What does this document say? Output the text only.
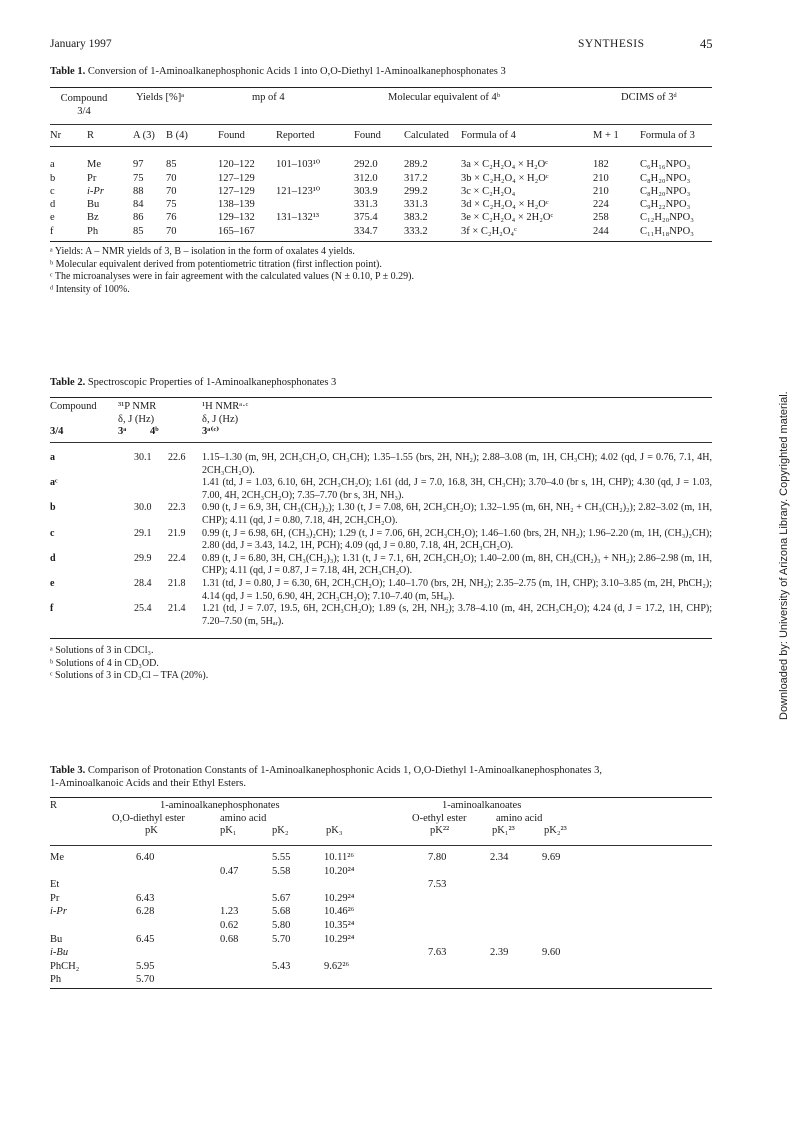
January 1997	SYNTHESIS	45
Table 1. Conversion of 1-Aminoalkanephosphonic Acids 1 into O,O-Diethyl 1-Aminoalkanephosphonates 3
Compound 3/4
Yields [%]ᵃ	mp of 4	Molecular equivalent of 4ᵇ	DCIMS of 3ᵈ
Nr	R	A (3)	B (4)	Found	Reported	Found	Calculated	Formula of 4	M + 1	Formula of 3

a	Me	97	85	120–122	101–103¹⁰	292.0	289.2	3a × C₂H₂O₄ × H₂Oᶜ	182	C₆H₁₆NPO₃
b	Pr	75	70	127–129		312.0	317.2	3b × C₂H₂O₄ × H₂Oᶜ	210	C₈H₂₀NPO₃
c	i-Pr	88	70	127–129	121–123¹⁰	303.9	299.2	3c × C₂H₂O₄	210	C₈H₂₀NPO₃
d	Bu	84	75	138–139		331.3	331.3	3d × C₂H₂O₄ × H₂Oᶜ	224	C₉H₂₂NPO₃
e	Bz	86	76	129–132	131–132¹³	375.4	383.2	3e × C₂H₂O₄ × 2H₂Oᶜ	258	C₁₂H₂₀NPO₃
f	Ph	85	70	165–167		334.7	333.2	3f × C₂H₂O₄ᶜ	244	C₁₁H₁₈NPO₃
ᵃ Yields: A – NMR yields of 3, B – isolation in the form of oxalates 4 yields.
ᵇ Molecular equivalent derived from potentiometric titration (first inflection point).
ᶜ The microanalyses were in fair agreement with the calculated values (N ± 0.10, P ± 0.29).
ᵈ Intensity of 100%.
Table 2. Spectroscopic Properties of 1-Aminoalkanephosphonates 3
Compound ³¹P NMR	¹H NMRᵃ·ᶜ
δ, J (Hz)	δ, J (Hz)
3/4	3ᵃ 4ᵇ	3ᵃ⁽ᶜ⁾
a	30.1	22.6	1.15–1.30 (m, 9H, 2CH₃CH₂O, CH₃CH); 1.35–1.55 (brs, 2H, NH₂); 2.88–3.08 (m, 1H, CH₃CH); 4.02 (qd, J = 0.76, 7.1, 4H, 2CH₃CH₂O).
aᶜ			1.41 (td, J = 1.03, 6.10, 6H, 2CH₃CH₂O); 1.61 (dd, J = 7.0, 16.8, 3H, CH₃CH); 3.70–4.0 (br s, 1H, CHP); 4.30 (qd, J = 1.03, 7.00, 4H, 2CH₃CH₂O); 7.35–7.70 (br s, 3H, NH₃).
b	30.0	22.3	0.90 (t, J = 6.9, 3H, CH₃(CH₂)₂); 1.30 (t, J = 7.08, 6H, 2CH₃CH₂O); 1.32–1.95 (m, 6H, NH₂ + CH₃(CH₂)₂); 2.82–3.02 (m, 1H, CHP); 4.11 (qd, J = 0.80, 7.18, 4H, 2CH₃CH₂O).
c	29.1	21.9	0.99 (t, J = 6.98, 6H, (CH₃)₂CH); 1.29 (t, J = 7.06, 6H, 2CH₃CH₂O); 1.46–1.60 (brs, 2H, NH₂); 1.96–2.20 (m, 1H, (CH₃)₂CH); 2.80 (dd, J = 3.43, 14.2, 1H, PCH); 4.09 (qd, J = 0.80, 7.18, 4H, 2CH₃CH₂O).
d	29.9	22.4	0.89 (t, J = 6.80, 3H, CH₃(CH₂)₃); 1.31 (t, J = 7.1, 6H, 2CH₃CH₂O); 1.40–2.00 (m, 8H, CH₃(CH₂)₃ + NH₂); 2.86–2.98 (m, 1H, CHP); 4.11 (qd, J = 0.87, J = 7.18, 4H, 2CH₃CH₂O).
e	28.4	21.8	1.31 (td, J = 0.80, J = 6.30, 6H, 2CH₃CH₂O); 1.40–1.70 (brs, 2H, NH₂); 2.35–2.75 (m, 1H, CHP); 3.10–3.85 (m, 2H, PhCH₂); 4.14 (qd, J = 1.50, 6.90, 4H, 2CH₃CH₂O); 7.10–7.40 (m, 5Hₐᵣ).
f	25.4	21.4	1.21 (td, J = 7.07, 19.5, 6H, 2CH₃CH₂O); 1.89 (s, 2H, NH₂); 3.78–4.10 (m, 4H, 2CH₃CH₂O); 4.24 (d, J = 17.2, 1H, CHP); 7.20–7.50 (m, 5Hₐᵣ).
ᵃ Solutions of 3 in CDCl₃.
ᵇ Solutions of 4 in CD₃OD.
ᶜ Solutions of 3 in CD₃Cl – TFA (20%).
Table 3. Comparison of Protonation Constants of 1-Aminoalkanephosphonic Acids 1, O,O-Diethyl 1-Aminoalkanephosphonates 3,
1-Aminoalkanoic Acids and their Ethyl Esters.
R	1-aminoalkanephosphonates	1-aminoalkanoates
O,O-diethyl ester	amino acid	O-ethyl ester	amino acid
pK	pK₁	pK₂	pK₃	pK²²	pK₁²³	pK₂²³
Me	6.40		5.55	10.11²⁶	7.80	2.34	9.69
		0.47	5.58	10.20²⁴			
Et					7.53		
Pr	6.43		5.67	10.29²⁴			
i-Pr	6.28	1.23	5.68	10.46²⁶			
		0.62	5.80	10.35²⁴			
Bu	6.45	0.68	5.70	10.29²⁴			
i-Bu					7.63	2.39	9.60
PhCH₂	5.95		5.43	9.62²⁶			
Ph	5.70						
Downloaded by: University of Arizona Library. Copyrighted material.
